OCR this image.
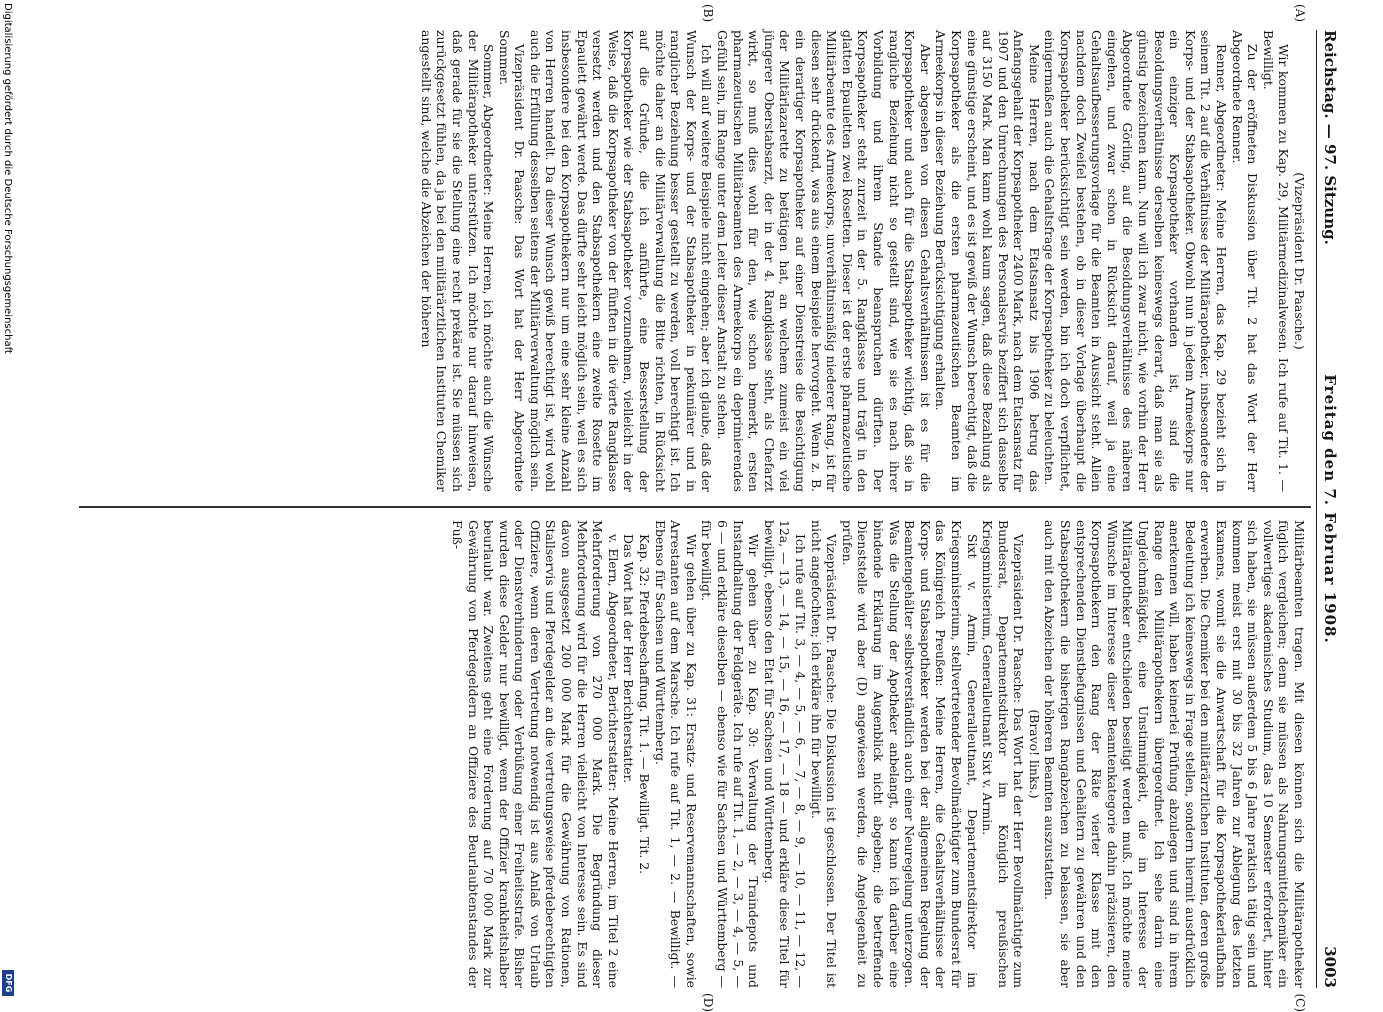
Reichstag. — 97. Sitzung.
Freitag den 7. Februar 1908.
3003
(A)
(B)
(C)
(D)

(Vizepräsident Dr. Paasche.)

Wir kommen zu Kap. 29, Militärmedizinalwesen. Ich rufe auf Tit. 1. — Bewilligt.

Zu der eröffneten Diskussion über Tit. 2 hat das Wort der Herr Abgeordnete Renner.

Renner, Abgeordneter: Meine Herren, das Kap. 29 bezieht sich in seinem Tit. 2 auf die Verhältnisse der Militärapotheker, insbesondere der Korps- und der Stabsapotheker. Obwohl nun in jedem Armeekorps nur ein einziger Korpsapotheker vorhanden ist, sind die Besoldungsverhältnisse derselben keineswegs derart, daß man sie als günstig bezeichnen kann. Nun will ich zwar nicht, wie vorhin der Herr Abgeordnete Görling, auf die Besoldungsverhältnisse des näheren eingehen, und zwar schon in Rücksicht darauf, weil ja eine Gehaltsaufbesserungsvorlage für die Beamten in Aussicht steht. Allein nachdem doch Zweifel bestehen, ob in dieser Vorlage überhaupt die Korpsapotheker berücksichtigt sein werden, bin ich doch verpflichtet, einigermaßen auch die Gehaltsfrage der Korpsapotheker zu beleuchten.

Meine Herren, nach dem Etatsansatz bis 1906 betrug das Anfangsgehalt der Korpsapotheker 2400 Mark, nach dem Etatsansatz für 1907 und den Umrechnungen des Personalservis beziffert sich dasselbe auf 3150 Mark. Man kann wohl kaum sagen, daß diese Bezahlung als eine günstige erscheint, und es ist gewiß der Wunsch berechtigt, daß die Korpsapotheker als die ersten pharmazeutischen Beamten im Armeekorps in dieser Beziehung Berücksichtigung erhalten.

Aber abgesehen von diesen Gehaltsverhältnissen ist es für die Korpsapotheker und auch für die Stabsapotheker wichtig, daß sie in rangliche Beziehung nicht so gestellt sind, wie sie es nach ihrer Vorbildung und ihrem Stande beanspruchen dürften. Der Korpsapotheker steht zurzeit in der 5. Rangklasse und trägt in den glatten Epauletten zwei Rosetten. Dieser ist der erste pharmazeutische Militärbeamte des Armeekorps, unverhältnismäßig niederer Rang, ist für diesen sehr drückend, was aus einem Beispiele hervorgeht. Wenn z. B. ein derartiger Korpsapotheker auf einer Dienstreise die Besichtigung der Militärlazarette zu betätigen hat, an welchem zumeist ein viel jüngerer Oberstabsarzt, der in der 4. Rangklasse steht, als Chefarzt wirkt, so muß dies wohl für den, wie schon bemerkt, ersten pharmazeutischen Militärbeamten des Armeekorps ein deprimierendes Gefühl sein, im Range unter dem Leiter dieser Anstalt zu stehen.

Ich will auf weitere Beispiele nicht eingehen; aber ich glaube, daß der Wunsch der Korps- und der Stabsapotheker in pekuniärer und in ranglicher Beziehung besser gestellt zu werden, voll berechtigt ist. Ich möchte daher an die Militärverwaltung die Bitte richten, in Rücksicht auf die Gründe, die ich anführte, eine Besserstellung der Korpsapotheker wie der Stabsapotheker vorzunehmen, vielleicht in der Weise, daß die Korpsapotheker von der fünften in die vierte Rangklasse versetzt werden und den Stabsapothekern eine zweite Rosette im Epaulett gewährt werde. Das dürfte sehr leicht möglich sein, weil es sich insbesondere bei den Korpsapothekern nur um eine sehr kleine Anzahl von Herren handelt. Da dieser Wunsch gewiß berechtigt ist, wird wohl auch die Erfüllung desselben seitens der Militärverwaltung möglich sein.

Vizepräsident Dr. Paasche: Das Wort hat der Herr Abgeordnete Sommer.

Sommer, Abgeordneter: Meine Herren, ich möchte auch die Wünsche der Militärapotheker unterstützen. Ich möchte nur darauf hinweisen, daß gerade für sie die Stellung eine recht prekäre ist. Sie müssen sich zurückgesetzt fühlen, da ja bei den militärärztlichen Instituten Chemiker angestellt sind, welche die Abzeichen der höheren

Militärbeamten tragen. Mit diesen können sich die Militärapotheker füglich vergleichen; denn sie müssen als Nahrungsmittelchemiker ein vollwertiges akademisches Studium, das 10 Semester erfordert, hinter sich haben, sie müssen außerdem 5 bis 6 Jahre praktisch tätig sein und kommen meist erst mit 30 bis 32 Jahren zur Ablegung des letzten Examens, womit sie die Anwartschaft für die Korpsapothekerlaufbahn erwerben. Die Chemiker bei den militärärztlichen Instituten, deren große Bedeutung ich keineswegs in Frage stellen, sondern hiermit ausdrücklich anerkennen will, haben keinerlei Prüfung abzulegen und sind in ihrem Range den Militärapothekern übergeordnet. Ich sehe darin eine Ungleichmäßigkeit, eine Unstimmigkeit, die im Interesse der Militärapotheker entschieden beseitigt werden muß. Ich möchte meine Wünsche im Interesse dieser Beamtenkategorie dahin präzisieren, den Korpsapothekern den Rang der Räte vierter Klasse mit den entsprechenden Dienstbefugnissen und Gehältern zu gewähren und den Stabsapothekern die bisherigen Rangabzeichen zu belassen, sie aber auch mit den Abzeichen der höheren Beamten auszustatten.

(Bravo! links.)

Vizepräsident Dr. Paasche: Das Wort hat der Herr Bevollmächtigte zum Bundesrat, Departementsdirektor im Königlich preußischen Kriegsministerium, Generalleutnant Sixt v. Armin.

Sixt v. Armin, Generalleutnant, Departementsdirektor im Kriegsministerium, stellvertretender Bevollmächtigter zum Bundesrat für das Königreich Preußen: Meine Herren, die Gehaltsverhältnisse der Korps- und Stabsapotheker werden bei der allgemeinen Regelung der Beamtengehälter selbstverständlich auch einer Neuregelung unterzogen. Was die Stellung der Apotheker anbelangt, so kann ich darüber eine bindende Erklärung im Augenblick nicht abgeben; die betreffende Dienststelle wird aber (D) angewiesen werden, die Angelegenheit zu prüfen.

Vizepräsident Dr. Paasche: Die Diskussion ist geschlossen. Der Titel ist nicht angefochten; ich erkläre ihn für bewilligt.

Ich rufe auf Tit. 3, — 4, — 5, — 6, — 7, — 8, — 9, — 10, — 11, — 12, — 12a, — 13, — 14, — 15, — 16, — 17, — 18 — und erkläre diese Titel für bewilligt, ebenso den Etat für Sachsen und Württemberg.

Wir gehen über zu Kap. 30: Verwaltung der Traindepots und Instandhaltung der Feldgeräte. Ich rufe auf Tit. 1, — 2, — 3, — 4, — 5, — 6 — und erkläre dieselben — ebenso wie für Sachsen und Württemberg — für bewilligt.

Wir gehen über zu Kap. 31: Ersatz- und Reservemannschaften, sowie Arrestanten auf dem Marsche. Ich rufe auf Tit. 1, — 2. — Bewilligt. — Ebenso für Sachsen und Württemberg.

Kap. 32: Pferdebeschaffung. Tit. 1. — Bewilligt. Tit. 2.

Das Wort hat der Herr Berichterstatter.

v. Elern, Abgeordneter, Berichterstatter: Meine Herren, im Titel 2 eine Mehrforderung von 270 000 Mark. Die Begründung dieser Mehrforderung wird für die Herren vielleicht von Interesse sein. Es sind davon ausgesetzt 200 000 Mark für die Gewährung von Rationen, Stallservis und Pferdegelder an die vertretungsweise pferdeberechtigten Offiziere, wenn deren Vertretung notwendig ist aus Anlaß von Urlaub oder Dienstverhinderung oder Verbüßung einer Freiheitsstrafe. Bisher wurden diese Gelder nur bewilligt, wenn der Offizier krankheitshalber beurlaubt war. Zweitens geht eine Forderung auf 70 000 Mark zur Gewährung von Pferdegeldern an Offiziere des Beurlaubtenstandes der Fuß-

Digitalisierung gefördert durch die Deutsche Forschungsgemeinschaft
DFG
